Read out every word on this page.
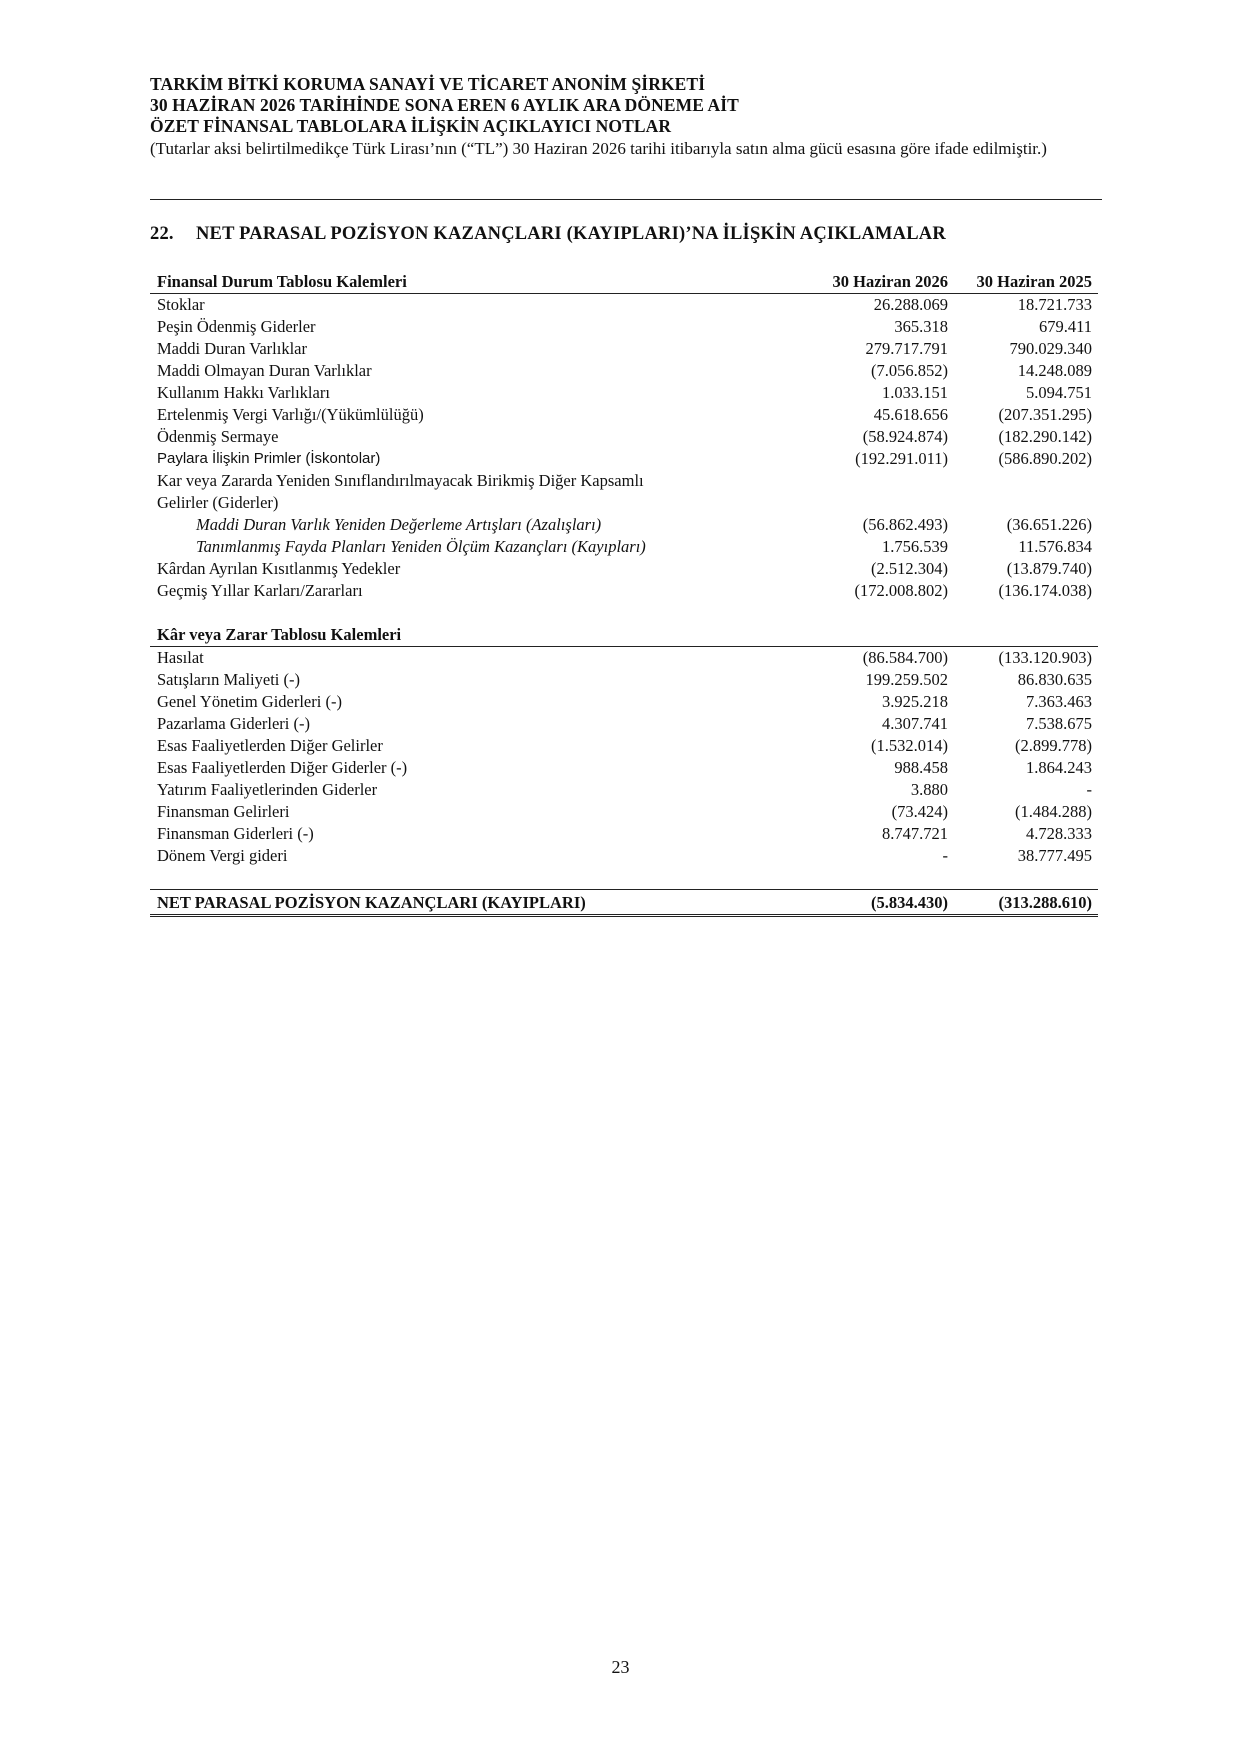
TARKİM BİTKİ KORUMA SANAYİ VE TİCARET ANONİM ŞİRKETİ
30 HAZİRAN 2026 TARİHİNDE SONA EREN 6 AYLIK ARA DÖNEME AİT
ÖZET FİNANSAL TABLOLARA İLİŞKİN AÇIKLAYICI NOTLAR
(Tutarlar aksi belirtilmedikçe Türk Lirası’nın (“TL”) 30 Haziran 2026 tarihi itibarıyla satın alma gücü esasına göre ifade edilmiştir.)
22. NET PARASAL POZİSYON KAZANÇLARI (KAYIPLARI)’NA İLİŞKİN AÇIKLAMALAR
Finansal Durum Tablosu Kalemleri	30 Haziran 2026	30 Haziran 2025
Stoklar	26.288.069	18.721.733
Peşin Ödenmiş Giderler	365.318	679.411
Maddi Duran Varlıklar	279.717.791	790.029.340
Maddi Olmayan Duran Varlıklar	(7.056.852)	14.248.089
Kullanım Hakkı Varlıkları	1.033.151	5.094.751
Ertelenmiş Vergi Varlığı/(Yükümlülüğü)	45.618.656	(207.351.295)
Ödenmiş Sermaye	(58.924.874)	(182.290.142)
Paylara İlişkin Primler (İskontolar)	(192.291.011)	(586.890.202)
Kar veya Zararda Yeniden Sınıflandırılmayacak Birikmiş Diğer Kapsamlı		
Gelirler (Giderler)		
Maddi Duran Varlık Yeniden Değerleme Artışları (Azalışları)	(56.862.493)	(36.651.226)
Tanımlanmış Fayda Planları Yeniden Ölçüm Kazançları (Kayıpları)	1.756.539	11.576.834
Kârdan Ayrılan Kısıtlanmış Yedekler	(2.512.304)	(13.879.740)
Geçmiş Yıllar Karları/Zararları	(172.008.802)	(136.174.038)
Kâr veya Zarar Tablosu Kalemleri		
Hasılat	(86.584.700)	(133.120.903)
Satışların Maliyeti (-)	199.259.502	86.830.635
Genel Yönetim Giderleri (-)	3.925.218	7.363.463
Pazarlama Giderleri (-)	4.307.741	7.538.675
Esas Faaliyetlerden Diğer Gelirler	(1.532.014)	(2.899.778)
Esas Faaliyetlerden Diğer Giderler (-)	988.458	1.864.243
Yatırım Faaliyetlerinden Giderler	3.880	-
Finansman Gelirleri	(73.424)	(1.484.288)
Finansman Giderleri (-)	8.747.721	4.728.333
Dönem Vergi gideri	-	38.777.495

NET PARASAL POZİSYON KAZANÇLARI (KAYIPLARI)	(5.834.430)	(313.288.610)
23
